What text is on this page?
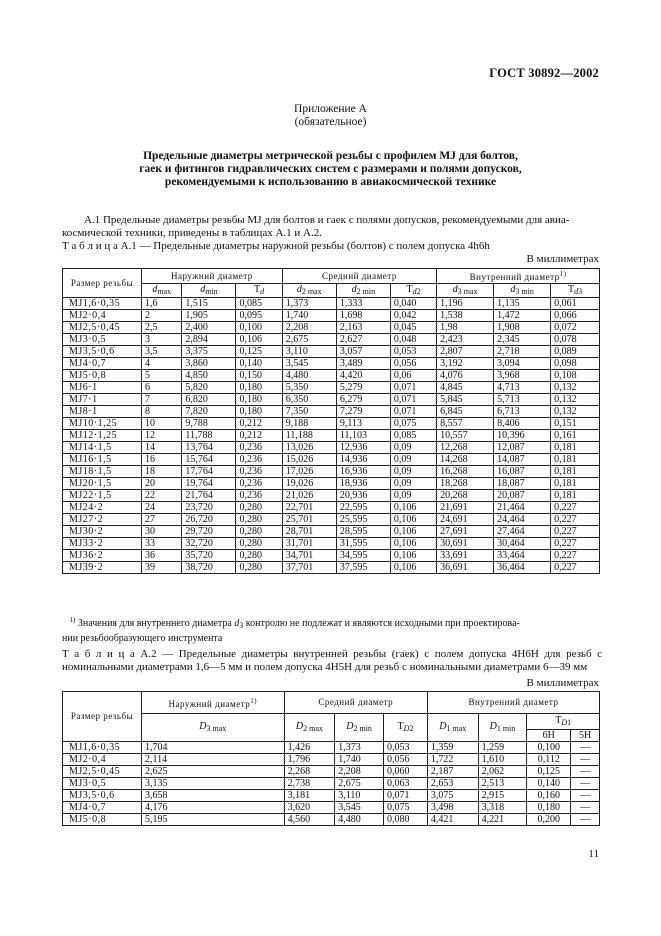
ГОСТ 30892—2002
Приложение А
(обязательное)
Предельные диаметры метрической резьбы с профилем MJ для болтов,
гаек и фитингов гидравлических систем с размерами и полями допусков,
рекомендуемыми к использованию в авиакосмической технике
А.1 Предельные диаметры резьбы MJ для болтов и гаек с полями допусков, рекомендуемыми для авиа-
космической техники, приведены в таблицах А.1 и А.2.
Т а б л и ц а А.1 — Предельные диаметры наружной резьбы (болтов) с полем допуска 4h6h
В миллиметрах
Размер резьбы	Наружний диаметр			Средний диаметр			Внутренний диаметр$^{1)}$
	$d_{max}$	$d_{min}$	$T_d$	$d_{2 max}$	$d_{2 min}$	$T_{d2}$	$d_{3 max}$	$d_{3 min}$	$T_{d3}$
MJ1,6·0,35	1,6	1,515	0,085	1,373	1,333	0,040	1,196	1,135	0,061
MJ2·0,4	2	1,905	0,095	1,740	1,698	0,042	1,538	1,472	0,066
MJ2,5·0,45	2,5	2,400	0,100	2,208	2,163	0,045	1,98	1,908	0,072
MJ3·0,5	3	2,894	0,106	2,675	2,627	0,048	2,423	2,345	0,078
MJ3,5·0,6	3,5	3,375	0,125	3,110	3,057	0,053	2,807	2,718	0,089
MJ4·0,7	4	3,860	0,140	3,545	3,489	0,056	3,192	3,094	0,098
MJ5·0,8	5	4,850	0,150	4,480	4,420	0,06	4,076	3,968	0,108
MJ6·1	6	5,820	0,180	5,350	5,279	0,071	4,845	4,713	0,132
MJ7·1	7	6,820	0,180	6,350	6,279	0,071	5,845	5,713	0,132
MJ8·1	8	7,820	0,180	7,350	7,279	0,071	6,845	6,713	0,132
MJ10·1,25	10	9,788	0,212	9,188	9,113	0,075	8,557	8,406	0,151
MJ12·1,25	12	11,788	0,212	11,188	11,103	0,085	10,557	10,396	0,161
MJ14·1,5	14	13,764	0,236	13,026	12,936	0,09	12,268	12,087	0,181
MJ16·1,5	16	15,764	0,236	15,026	14,936	0,09	14,268	14,087	0,181
MJ18·1,5	18	17,764	0,236	17,026	16,936	0,09	16,268	16,087	0,181
MJ20·1,5	20	19,764	0,236	19,026	18,936	0,09	18,268	18,087	0,181
MJ22·1,5	22	21,764	0,236	21,026	20,936	0,09	20,268	20,087	0,181
MJ24·2	24	23,720	0,280	22,701	22,595	0,106	21,691	21,464	0,227
MJ27·2	27	26,720	0,280	25,701	25,595	0,106	24,691	24,464	0,227
MJ30·2	30	29,720	0,280	28,701	28,595	0,106	27,691	27,464	0,227
MJ33·2	33	32,720	0,280	31,701	31,595	0,106	30,691	30,464	0,227
MJ36·2	36	35,720	0,280	34,701	34,595	0,106	33,691	33,464	0,227
MJ39·2	39	38,720	0,280	37,701	37,595	0,106	36,691	36,464	0,227
$^{1)}$ Значения для внутреннего диаметра $d_3$ контролю не подлежат и являются исходными при проектирова-
нии резьбообразующего инструмента
Т а б л и ц а А.2 — Предельные диаметры внутренней резьбы (гаек) с полем допуска 4Н6Н для резьб с номинальными диаметрами 1,6—5 мм и полем допуска 4Н5Н для резьб с номинальными диаметрами 6—39 мм
В миллиметрах
Размер резьбы	Наружний диаметр$^{1)}$	Средний диаметр			Внутренний диаметр			
	$D_{3 max}$	$D_{2 max}$	$D_{2 min}$	$T_{D2}$	$D_{1 max}$	$D_{1 min}$	$T_{D1}$
							6H	5H
MJ1,6·0,35	1,704	1,426	1,373	0,053	1,359	1,259	0,100	—
MJ2·0,4	2,114	1,796	1,740	0,056	1,722	1,610	0,112	—
MJ2,5·0,45	2,625	2,268	2,208	0,060	2,187	2,062	0,125	—
MJ3·0,5	3,135	2,738	2,675	0,063	2,653	2,513	0,140	—
MJ3,5·0,6	3,658	3,181	3,110	0,071	3,075	2,915	0,160	—
MJ4·0,7	4,176	3,620	3,545	0,075	3,498	3,318	0,180	—
MJ5·0,8	5,195	4,560	4,480	0,080	4,421	4,221	0,200	—
11
